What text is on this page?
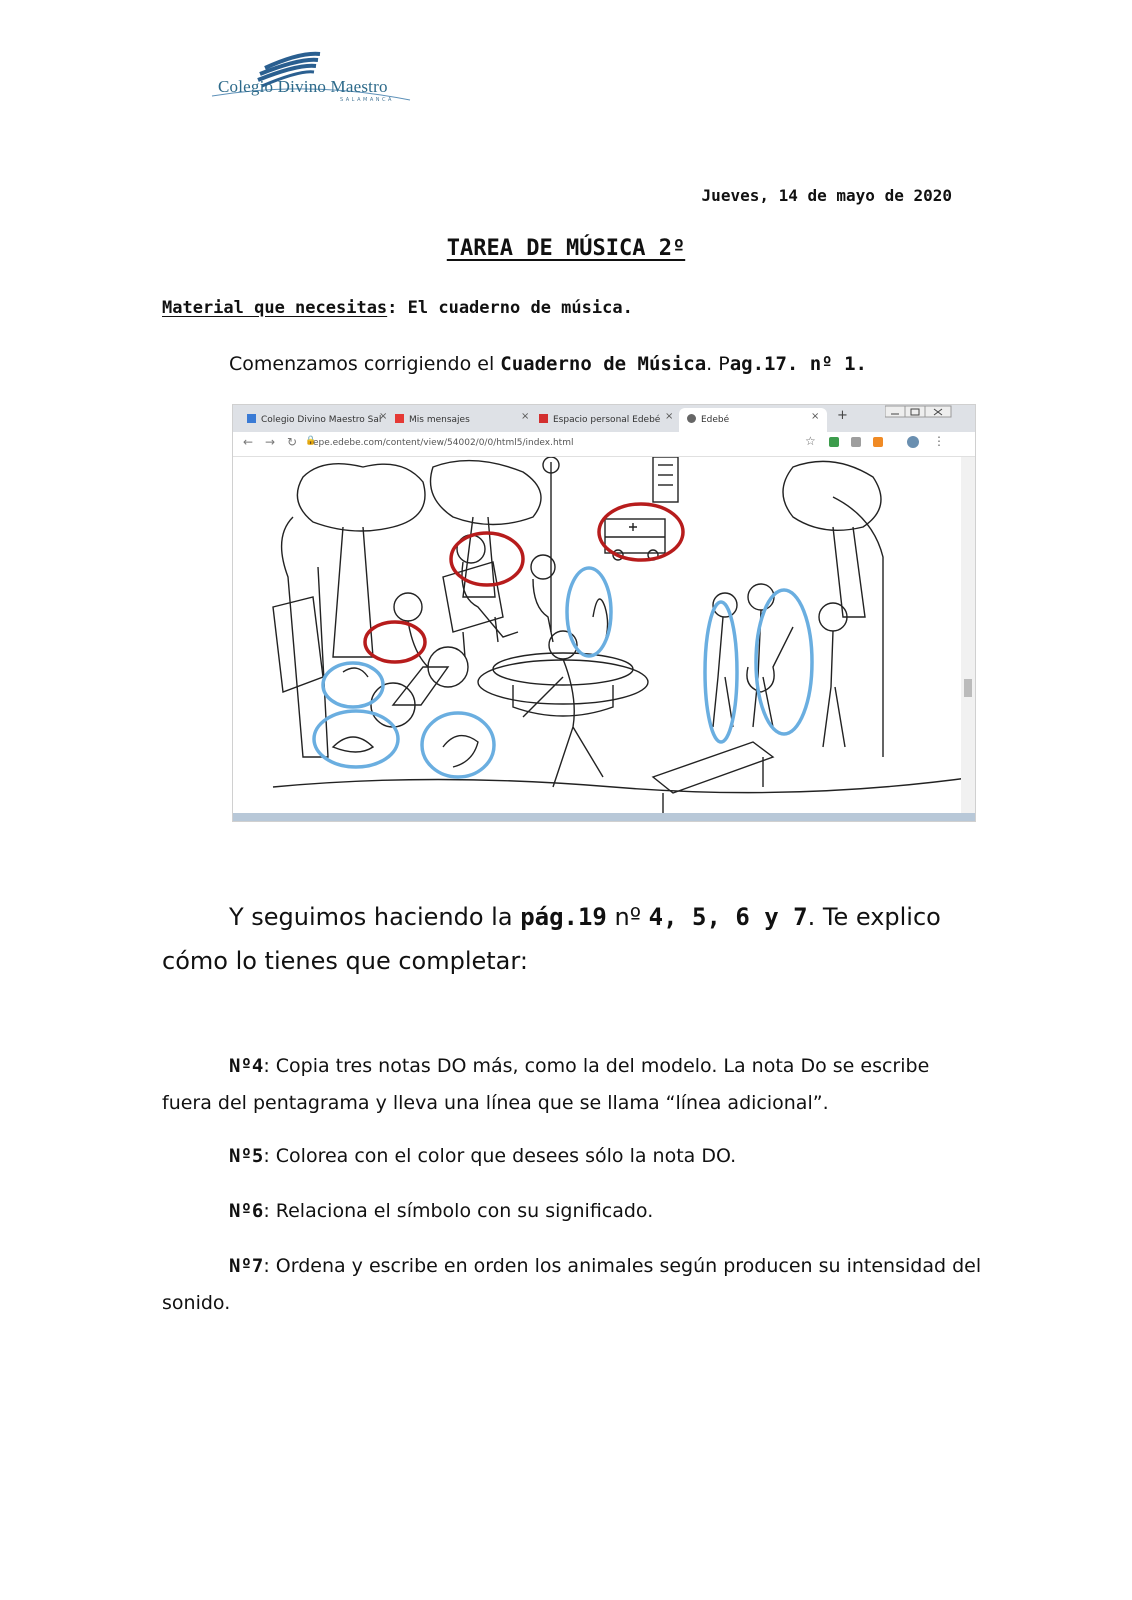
Colegio Divino Maestro
SALAMANCA
Jueves, 14 de mayo de 2020
TAREA DE MÚSICA 2º
Material que necesitas: El cuaderno de música.
Comenzamos corrigiendo el Cuaderno de Música. Pag.17. nº 1.
Colegio Divino Maestro Sal
×	Mis mensajes	×	Espacio personal Edebé ×	Edebé	× +
← → ↻ 🔒
epe.edebe.com/content/view/54002/0/0/html5/index.html	☆	⋮
Y seguimos haciendo la pág.19 nº 4, 5, 6 y 7. Te explico cómo lo tienes que completar:
Nº4: Copia tres notas DO más, como la del modelo. La nota Do se escribe fuera del pentagrama y lleva una línea que se llama “línea adicional”.
Nº5: Colorea con el color que desees sólo la nota DO.
Nº6: Relaciona el símbolo con su significado.
Nº7: Ordena y escribe en orden los animales según producen su intensidad del sonido.
